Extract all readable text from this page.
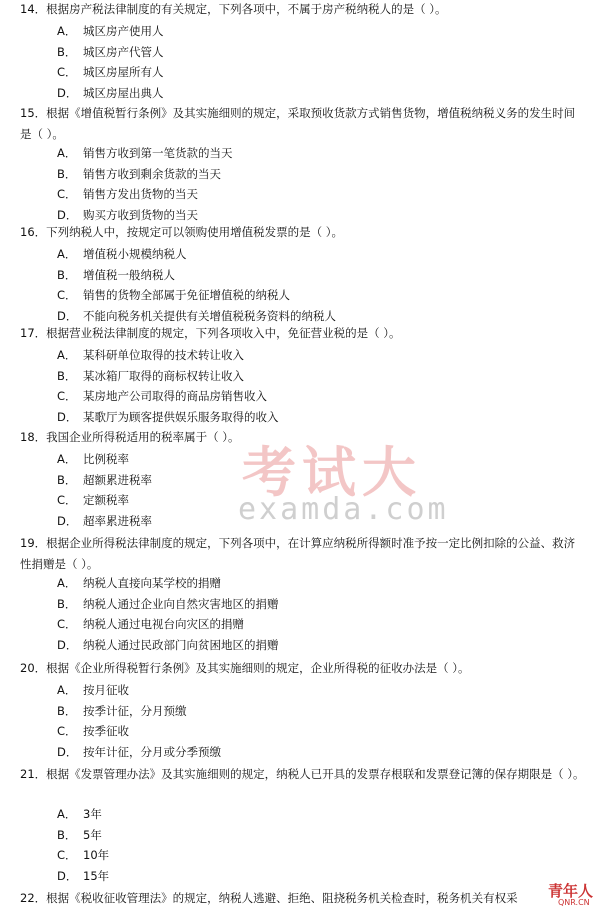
14．根据房产税法律制度的有关规定，下列各项中，不属于房产税纳税人的是（ ）。
A． 城区房产使用人
B． 城区房产代管人
C． 城区房屋所有人
D． 城区房屋出典人
15．根据《增值税暂行条例》及其实施细则的规定，采取预收货款方式销售货物，增值税纳税义务的发生时间是（ ）。
A． 销售方收到第一笔货款的当天
B． 销售方收到剩余货款的当天
C． 销售方发出货物的当天
D． 购买方收到货物的当天
16．下列纳税人中，按规定可以领购使用增值税发票的是（ ）。
A． 增值税小规模纳税人
B． 增值税一般纳税人
C． 销售的货物全部属于免征增值税的纳税人
D． 不能向税务机关提供有关增值税税务资料的纳税人
17．根据营业税法律制度的规定，下列各项收入中，免征营业税的是（ ）。
A． 某科研单位取得的技术转让收入
B． 某冰箱厂取得的商标权转让收入
C． 某房地产公司取得的商品房销售收入
D． 某歌厅为顾客提供娱乐服务取得的收入
18．我国企业所得税适用的税率属于（ ）。
A． 比例税率
B． 超额累进税率
C． 定额税率
D． 超率累进税率
19．根据企业所得税法律制度的规定，下列各项中，在计算应纳税所得额时准予按一定比例扣除的公益、救济性捐赠是（ ）。
A． 纳税人直接向某学校的捐赠
B． 纳税人通过企业向自然灾害地区的捐赠
C． 纳税人通过电视台向灾区的捐赠
D． 纳税人通过民政部门向贫困地区的捐赠
20．根据《企业所得税暂行条例》及其实施细则的规定，企业所得税的征收办法是（ ）。
A． 按月征收
B． 按季计征，分月预缴
C． 按季征收
D． 按年计征，分月或分季预缴
21．根据《发票管理办法》及其实施细则的规定，纳税人已开具的发票存根联和发票登记簿的保存期限是（ ）。
A． 3年
B． 5年
C． 10年
D． 15年
22．根据《税收征收管理法》的规定，纳税人逃避、拒绝、阻挠税务机关检查时，税务机关有权采
考试大
examda.com
青年人
QNR.CN
